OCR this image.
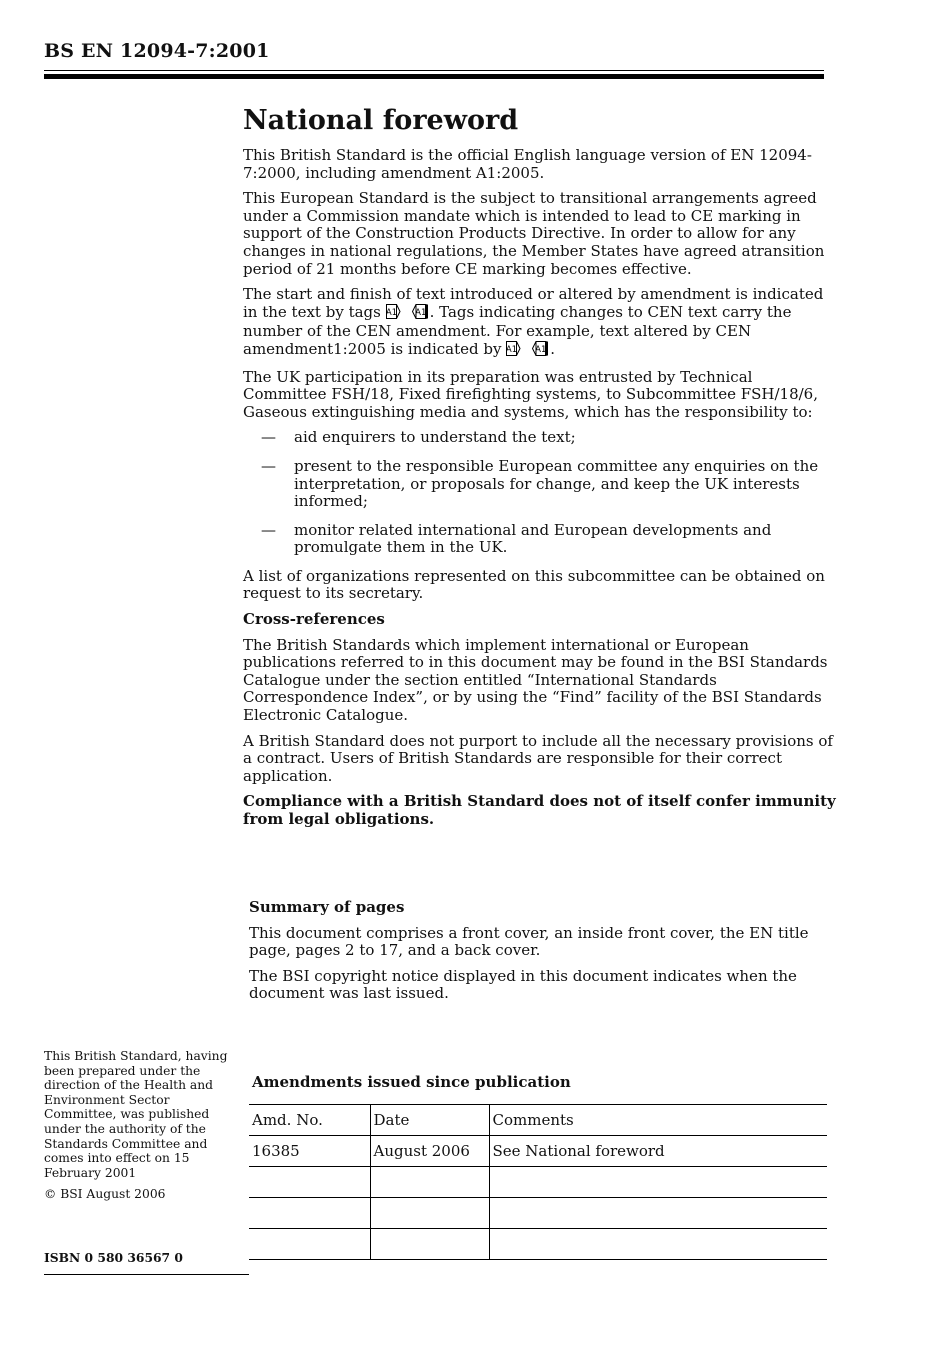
BS EN 12094-7:2001
National foreword

This British Standard is the official English language version of EN 12094-7:2000, including amendment A1:2005.

This European Standard is the subject to transitional arrangements agreed under a Commission mandate which is intended to lead to CE marking in support of the Construction Products Directive. In order to allow for any changes in national regulations, the Member States have agreed atransition period of 21 months before CE marking becomes effective.

The start and finish of text introduced or altered by amendment is indicated in the text by tags A1 A1 . Tags indicating changes to CEN text carry the number of the CEN amendment. For example, text altered by CEN amendment1:2005 is indicated by A1 A1 .

The UK participation in its preparation was entrusted by Technical Committee FSH/18, Fixed firefighting systems, to Subcommittee FSH/18/6, Gaseous extinguishing media and systems, which has the responsibility to:

—	aid enquirers to understand the text;
—	present to the responsible European committee any enquiries on the interpretation, or proposals for change, and keep the UK interests informed;
—	monitor related international and European developments and promulgate them in the UK.

A list of organizations represented on this subcommittee can be obtained on request to its secretary.

Cross-references

The British Standards which implement international or European publications referred to in this document may be found in the BSI Standards Catalogue under the section entitled “International Standards Correspondence Index”, or by using the “Find” facility of the BSI Standards Electronic Catalogue.

A British Standard does not purport to include all the necessary provisions of a contract. Users of British Standards are responsible for their correct application.

Compliance with a British Standard does not of itself confer immunity from legal obligations.

Summary of pages

This document comprises a front cover, an inside front cover, the EN title page, pages 2 to 17, and a back cover.

The BSI copyright notice displayed in this document indicates when the document was last issued.

This British Standard, having been prepared under the direction of the Health and Environment Sector Committee, was published under the authority of the Standards Committee and comes into effect on 15 February 2001

© BSI August 2006
ISBN 0 580 36567 0
Amendments issued since publication
Amd. No.	Date	Comments
16385	August 2006	See National foreword
